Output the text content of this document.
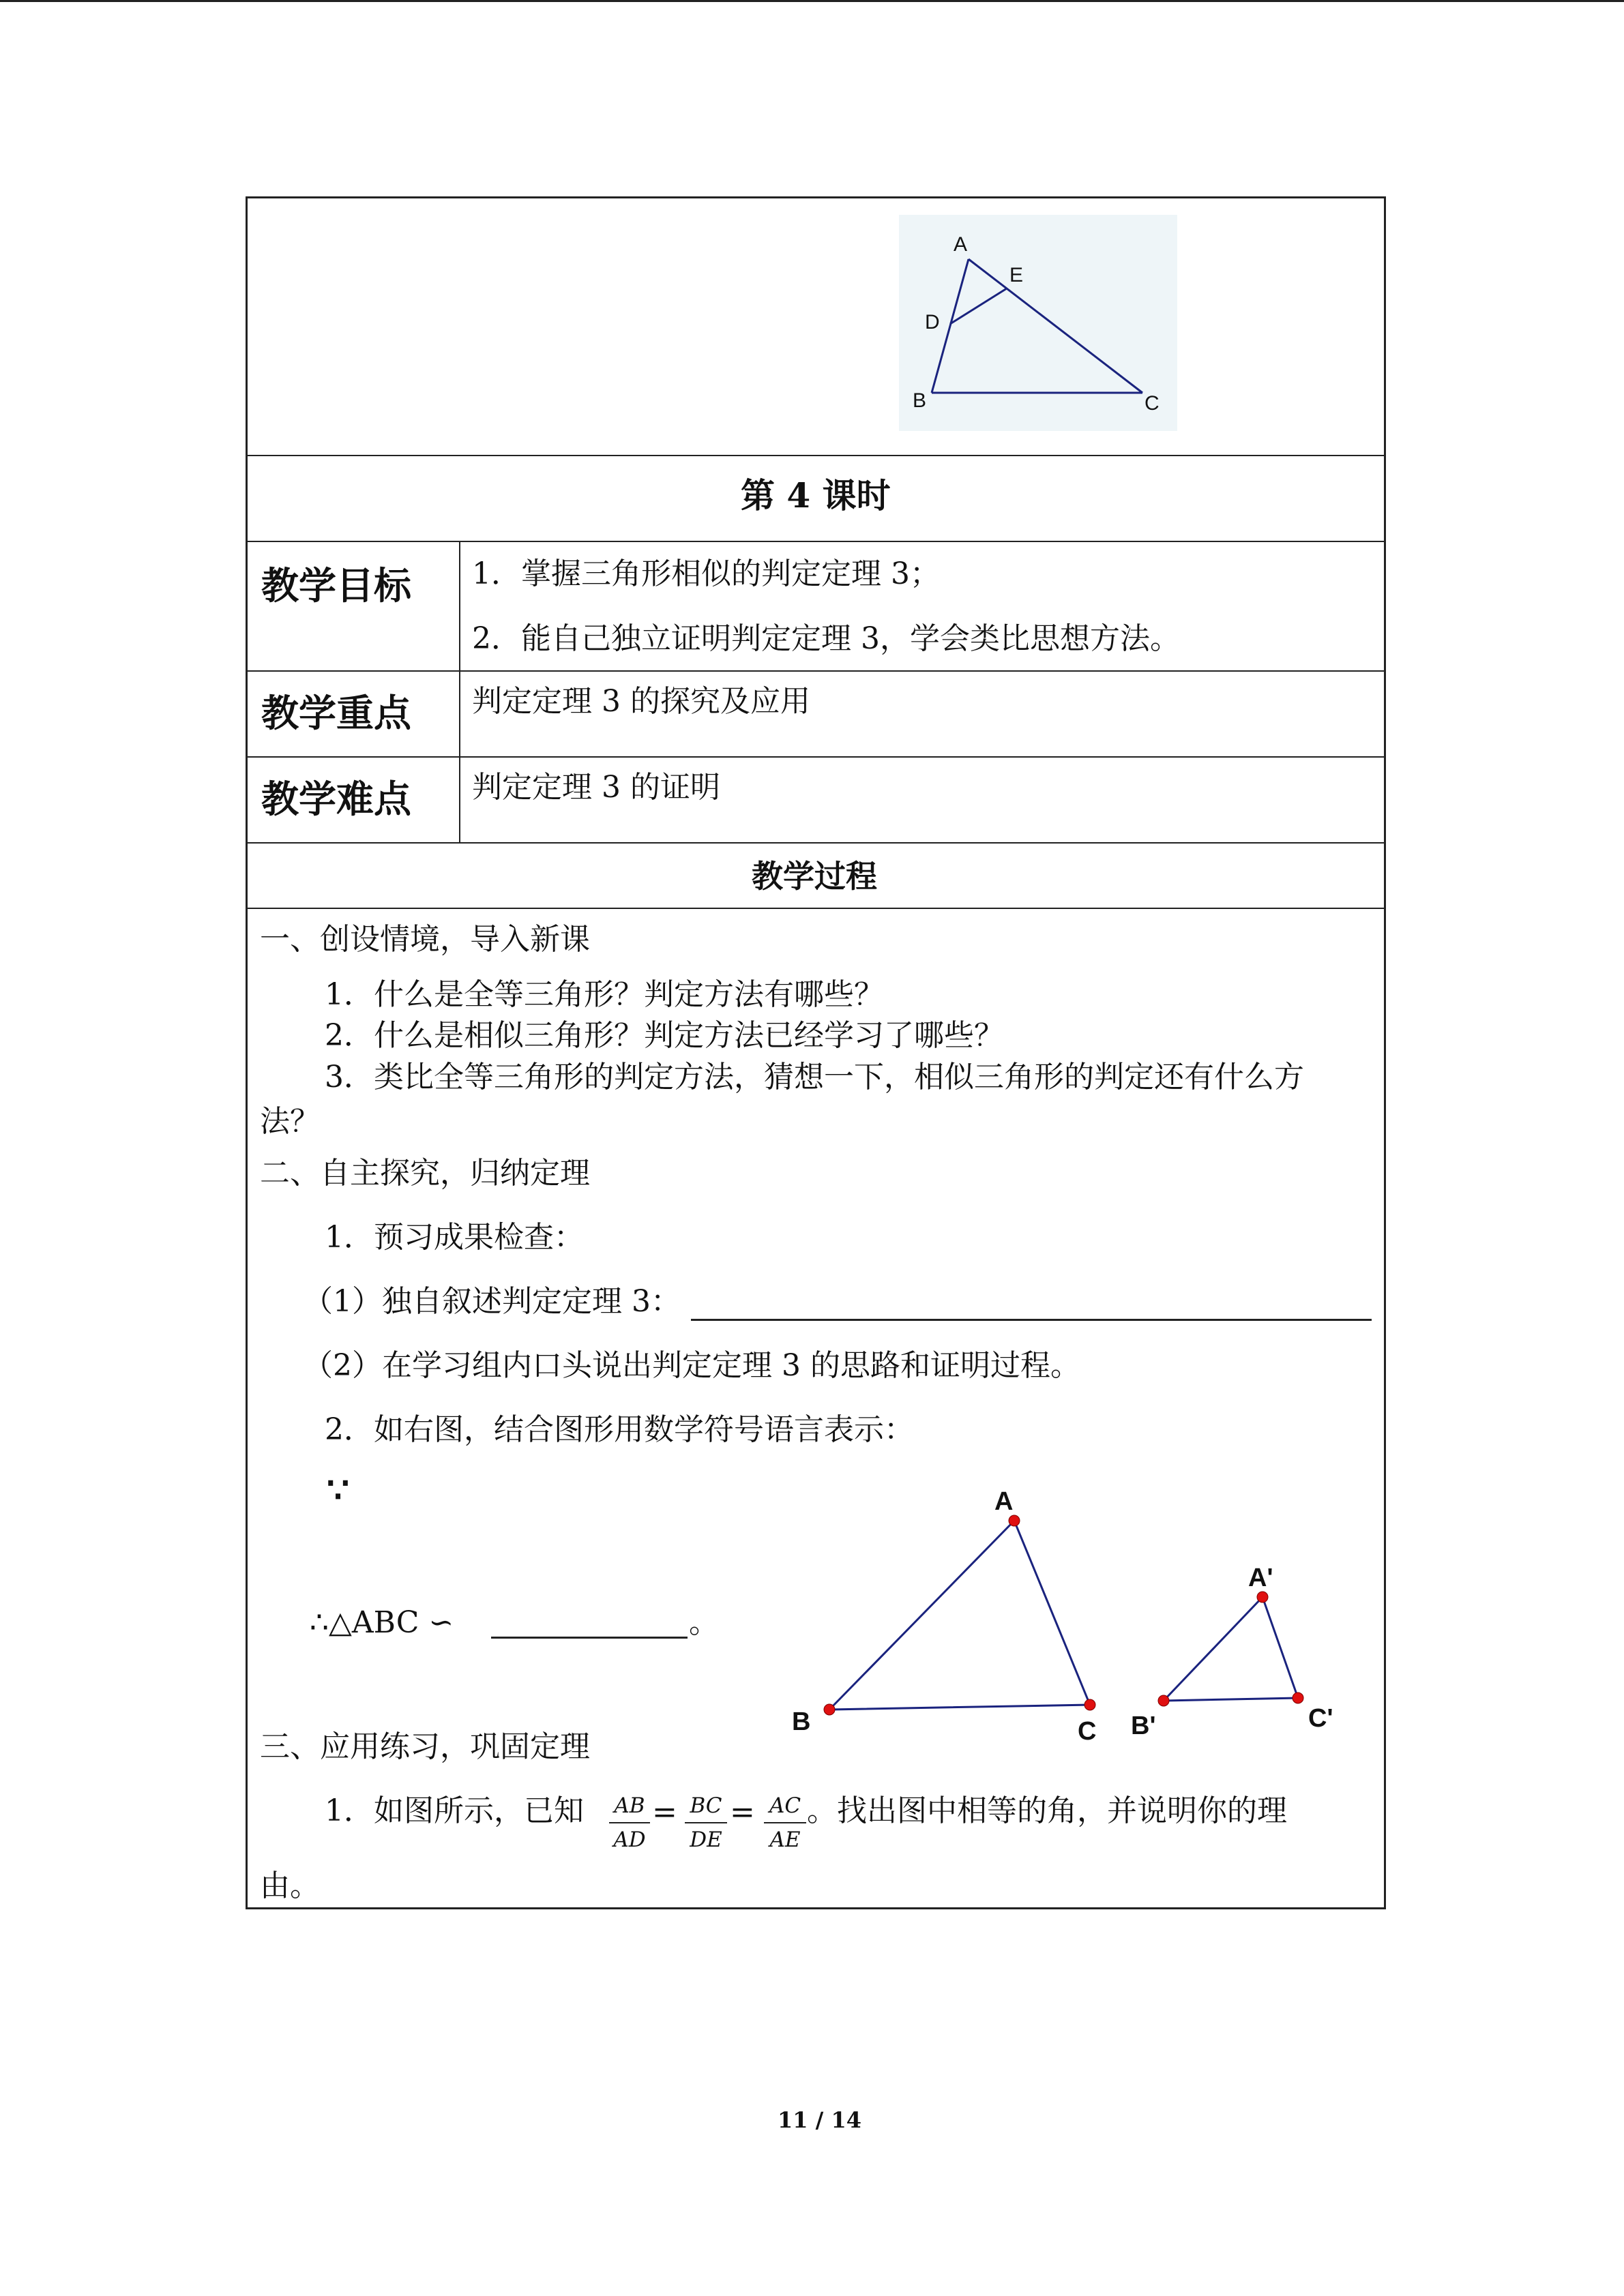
A
E
D
B	C
第 4 课时
教学目标 1．掌握三角形相似的判定定理 3；
2．能自己独立证明判定定理 3，学会类比思想方法。
教学重点 判定定理 3 的探究及应用
教学难点 判定定理 3 的证明
教学过程
一、创设情境，导入新课
1．什么是全等三角形？判定方法有哪些？
2．什么是相似三角形？判定方法已经学习了哪些？
3．类比全等三角形的判定方法，猜想一下，相似三角形的判定还有什么方
法？
二、自主探究，归纳定理
1．预习成果检查：
（1）独自叙述判定定理 3：
（2）在学习组内口头说出判定定理 3 的思路和证明过程。
2．如右图，结合图形用数学符号语言表示：
∵
∴△ABC ∽	。
A
B	C
A'
B'	C'
三、应用练习，巩固定理
1．如图所示，已知 AB
AD
= BC
DE
= AC
AE
。找出图中相等的角，并说明你的理
由。
11 / 14
